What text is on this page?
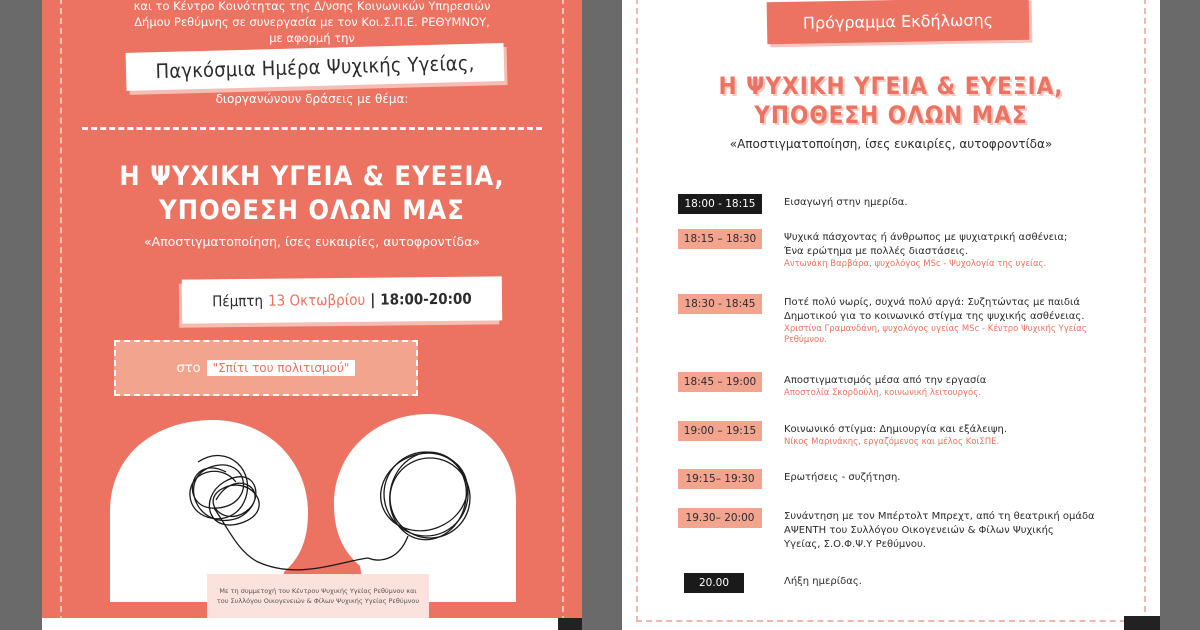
και το Κέντρο Κοινότητας της Δ/νσης Κοινωνικών Υπηρεσιών
Δήμου Ρεθύμνης σε συνεργασία με τον Κοι.Σ.Π.Ε. ΡΕΘΥΜΝΟΥ,
με αφορμή την
Παγκόσμια Ημέρα Ψυχικής Υγείας,
διοργανώνουν δράσεις με θέμα:
Η ΨΥΧΙΚΗ ΥΓΕΙΑ & ΕΥΕΞΙΑ,
ΥΠΟΘΕΣΗ ΟΛΩΝ ΜΑΣ
«Αποστιγματοποίηση, ίσες ευκαιρίες, αυτοφροντίδα»
Πέμπτη 13 Οκτωβρίου | 18:00-20:00
στο	"Σπίτι του πολιτισμού"
Με τη συμμετοχή του Κέντρου Ψυχικής Υγείας Ρεθύμνου και
του Συλλόγου Οικογενειών & Φίλων Ψυχικής Υγείας Ρεθύμνου
Πρόγραμμα Εκδήλωσης
Η ΨΥΧΙΚΗ ΥΓΕΙΑ & ΕΥΕΞΙΑ,
ΥΠΟΘΕΣΗ ΟΛΩΝ ΜΑΣ
«Αποστιγματοποίηση, ίσες ευκαιρίες, αυτοφροντίδα»
18:00 - 18:15	Εισαγωγή στην ημερίδα.
18:15 – 18:30	Ψυχικά πάσχοντας ή άνθρωπος με ψυχιατρική ασθένεια;
Ένα ερώτημα με πολλές διαστάσεις.
Αντωνάκη Βαρβάρα, ψυχολόγος MSc - Ψυχολογία της υγείας.
18:30 - 18:45	Ποτέ πολύ νωρίς, συχνά πολύ αργά: Συζητώντας με παιδιά
Δημοτικού για το κοινωνικό στίγμα της ψυχικής ασθένειας.
Χριστίνα Γραμανδάνη, ψυχολόγος υγείας MSc - Κέντρο Ψυχικής Υγείας Ρεθύμνου.
18:45 – 19:00	Αποστιγματισμός μέσα από την εργασία
Αποστολία Σκορδούλη, κοινωνική λειτουργός.
19:00 – 19:15	Κοινωνικό στίγμα: Δημιουργία και εξάλειψη.
Νίκος Μαρινάκης, εργαζόμενος και μέλος ΚοιΣΠΕ.
19:15– 19:30	Ερωτήσεις - συζήτηση.
19.30– 20:00	Συνάντηση με τον Μπέρτολτ Μπρεχτ, από τη θεατρική ομάδα
ΑΨΕΝΤΗ του Συλλόγου Οικογενειών & Φίλων Ψυχικής
Υγείας, Σ.Ο.Φ.Ψ.Υ Ρεθύμνου.
20.00	Λήξη ημερίδας.
